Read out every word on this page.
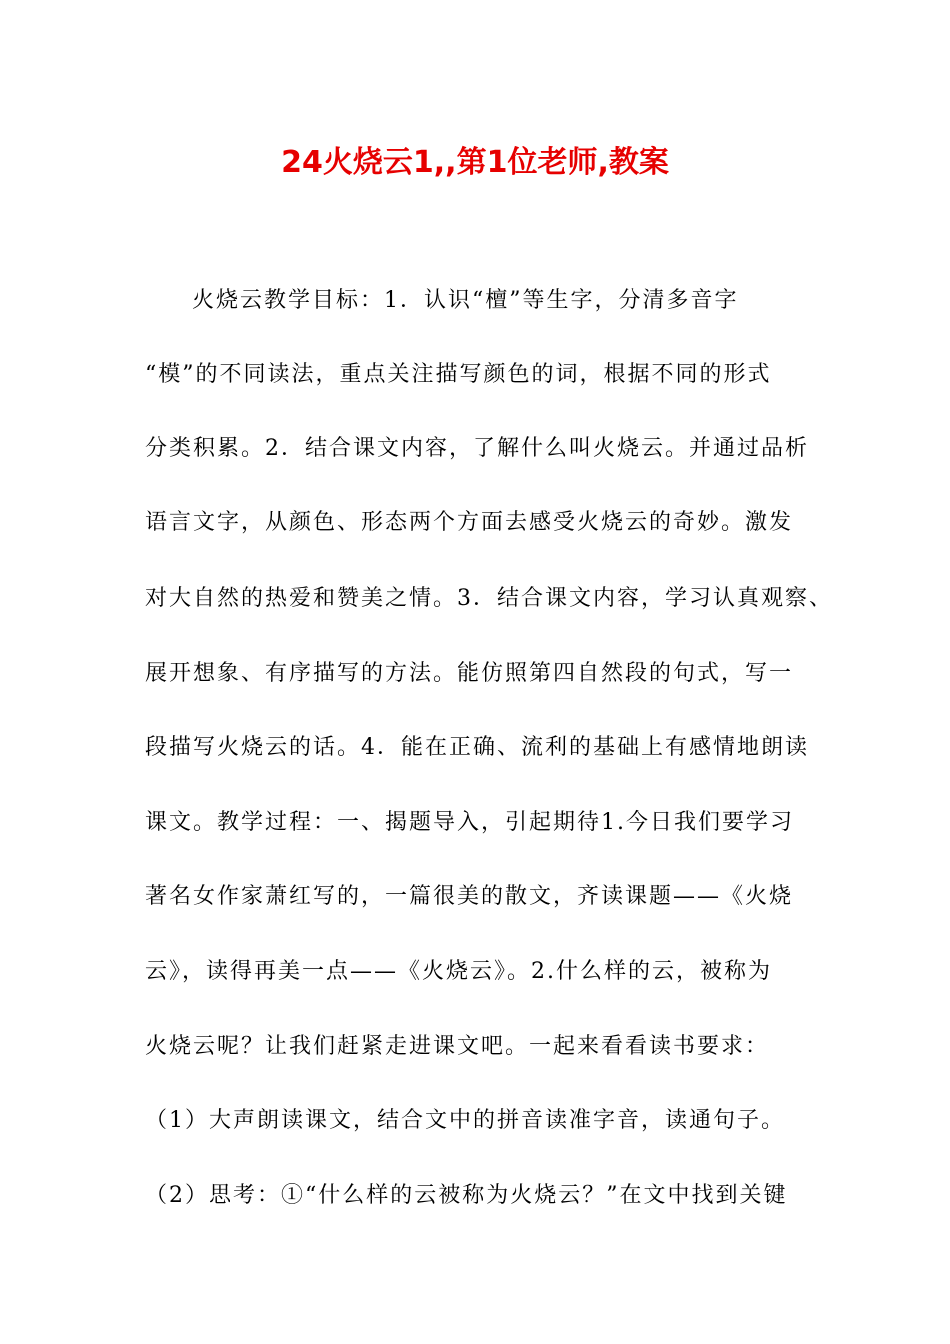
24火烧云1,,第1位老师,教案
火烧云教学目标：1．认识“檀”等生字，分清多音字
“模”的不同读法，重点关注描写颜色的词，根据不同的形式
分类积累。2．结合课文内容，了解什么叫火烧云。并通过品析
语言文字，从颜色、形态两个方面去感受火烧云的奇妙。激发
对大自然的热爱和赞美之情。3．结合课文内容，学习认真观察、
展开想象、有序描写的方法。能仿照第四自然段的句式，写一
段描写火烧云的话。4．能在正确、流利的基础上有感情地朗读
课文。教学过程：一、揭题导入，引起期待1.今日我们要学习
著名女作家萧红写的，一篇很美的散文，齐读课题——《火烧
云》，读得再美一点——《火烧云》。2.什么样的云，被称为
火烧云呢？让我们赶紧走进课文吧。一起来看看读书要求：
（1）大声朗读课文，结合文中的拼音读准字音，读通句子。
（2）思考：①“什么样的云被称为火烧云？”在文中找到关键
